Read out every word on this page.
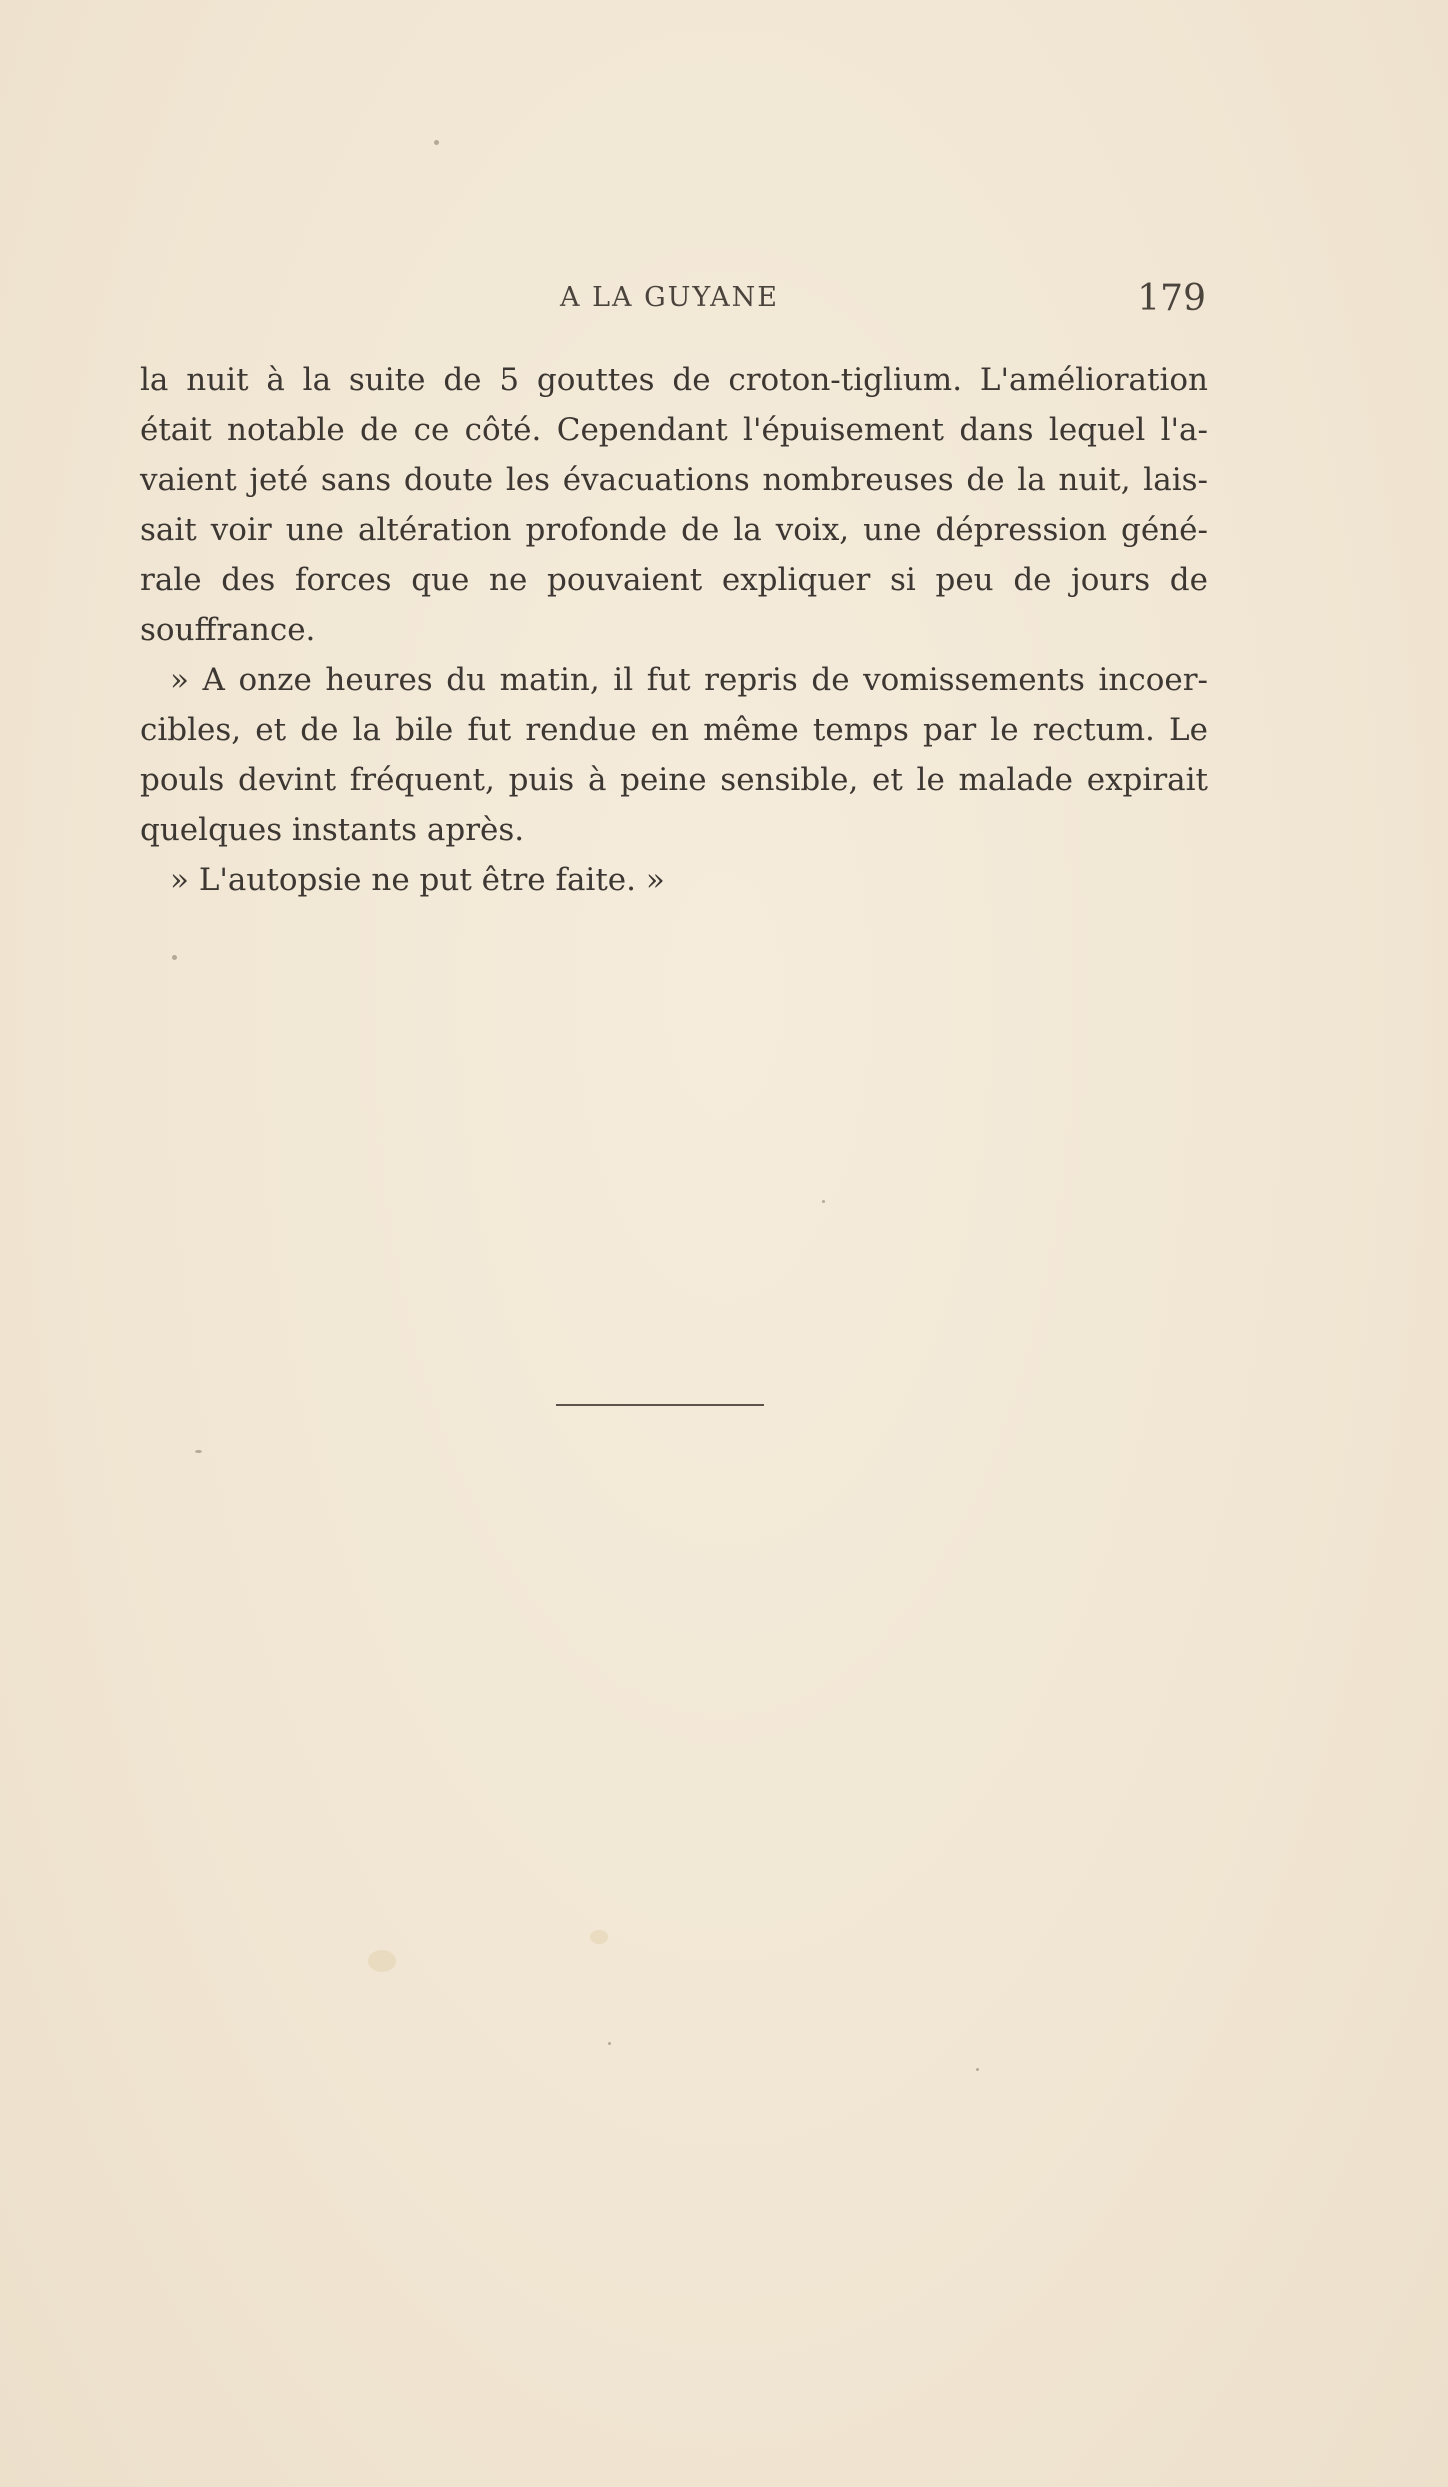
A LA GUYANE	179

la nuit à la suite de 5 gouttes de croton-tiglium. L'amélioration était notable de ce côté. Cependant l'épuisement dans lequel l'a-vaient jeté sans doute les évacuations nombreuses de la nuit, lais-sait voir une altération profonde de la voix, une dépression géné-rale des forces que ne pouvaient expliquer si peu de jours de souffrance.

» A onze heures du matin, il fut repris de vomissements incoer-cibles, et de la bile fut rendue en même temps par le rectum. Le pouls devint fréquent, puis à peine sensible, et le malade expirait quelques instants après.

» L'autopsie ne put être faite. »
